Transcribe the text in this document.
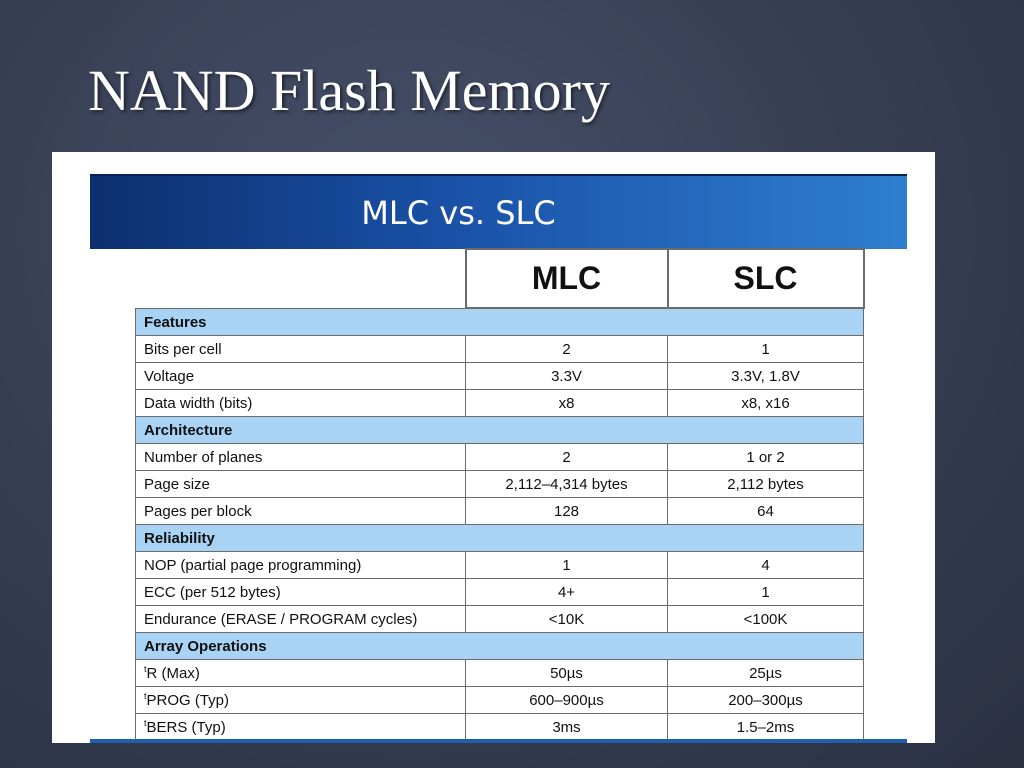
NAND Flash Memory
MLC vs. SLC
	MLC	SLC
Features		
Bits per cell	2	1
Voltage	3.3V	3.3V, 1.8V
Data width (bits)	x8	x8, x16
Architecture		
Number of planes	2	1 or 2
Page size	2,112–4,314 bytes	2,112 bytes
Pages per block	128	64
Reliability		
NOP (partial page programming)	1	4
ECC (per 512 bytes)	4+	1
Endurance (ERASE / PROGRAM cycles)	<10K	<100K
Array Operations		
$^t$R (Max)	50µs	25µs
$^t$PROG (Typ)	600–900µs	200–300µs
$^t$BERS (Typ)	3ms	1.5–2ms
